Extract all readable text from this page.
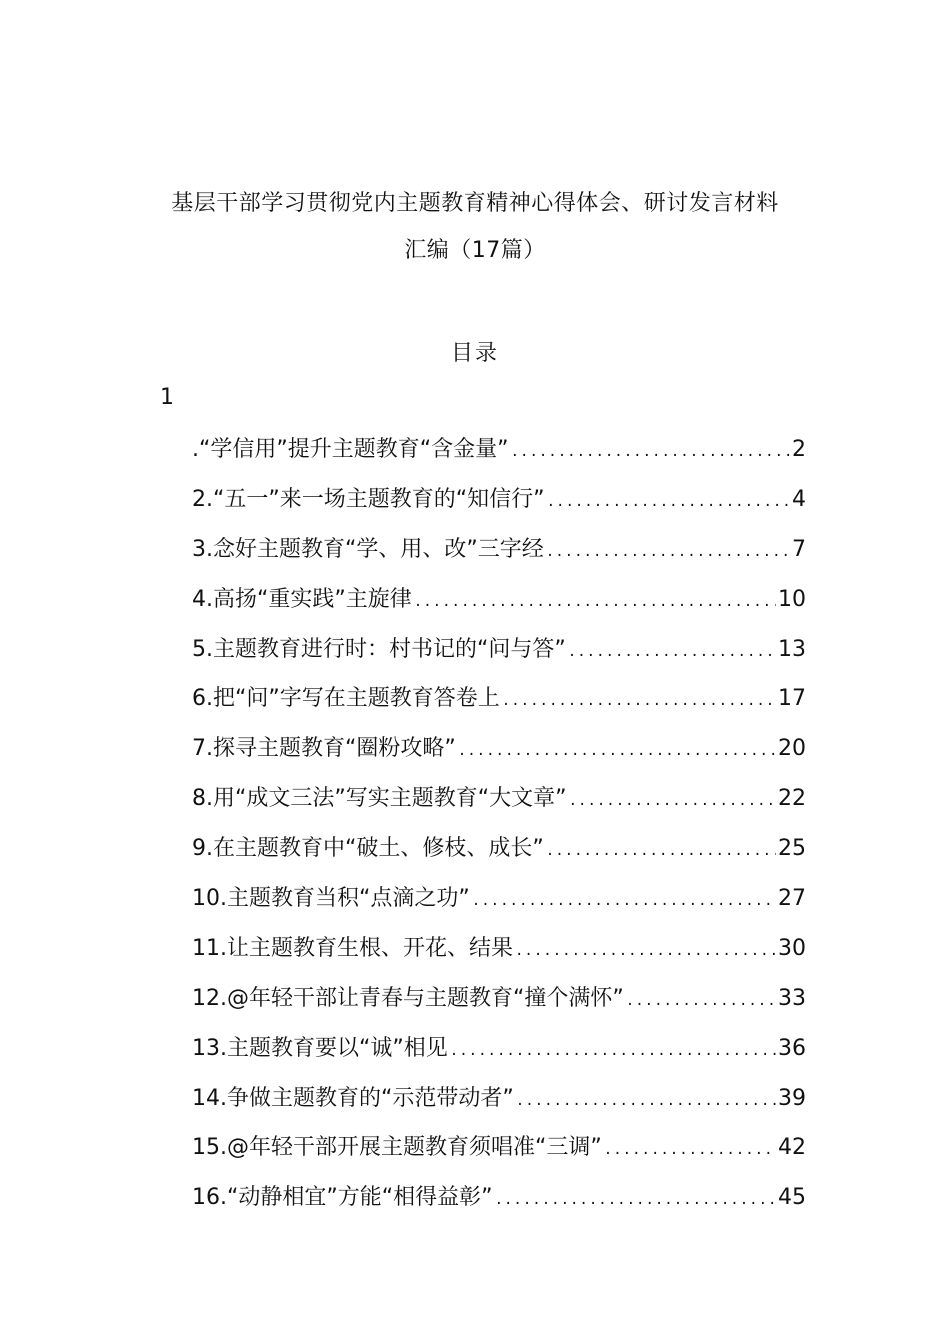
基层干部学习贯彻党内主题教育精神心得体会、研讨发言材料
汇编（17篇）
目录
1
.“学信用”提升主题教育“含金量” .....	2
2.“五一”来一场主题教育的“知信行” .....	4
3.念好主题教育“学、用、改”三字经 .....	7
4.高扬“重实践”主旋律 .....	10
5.主题教育进行时：村书记的“问与答” .....	13
6.把“问”字写在主题教育答卷上 .....	17
7.探寻主题教育“圈粉攻略” .....	20
8.用“成文三法”写实主题教育“大文章” .....	22
9.在主题教育中“破土、修枝、成长” .....	25
10.主题教育当积“点滴之功” .....	27
11.让主题教育生根、开花、结果 .....	30
12.@年轻干部让青春与主题教育“撞个满怀” .....	33
13.主题教育要以“诚”相见 .....	36
14.争做主题教育的“示范带动者” .....	39
15.@年轻干部开展主题教育须唱准“三调” .....	42
16.“动静相宜”方能“相得益彰” .....	45
